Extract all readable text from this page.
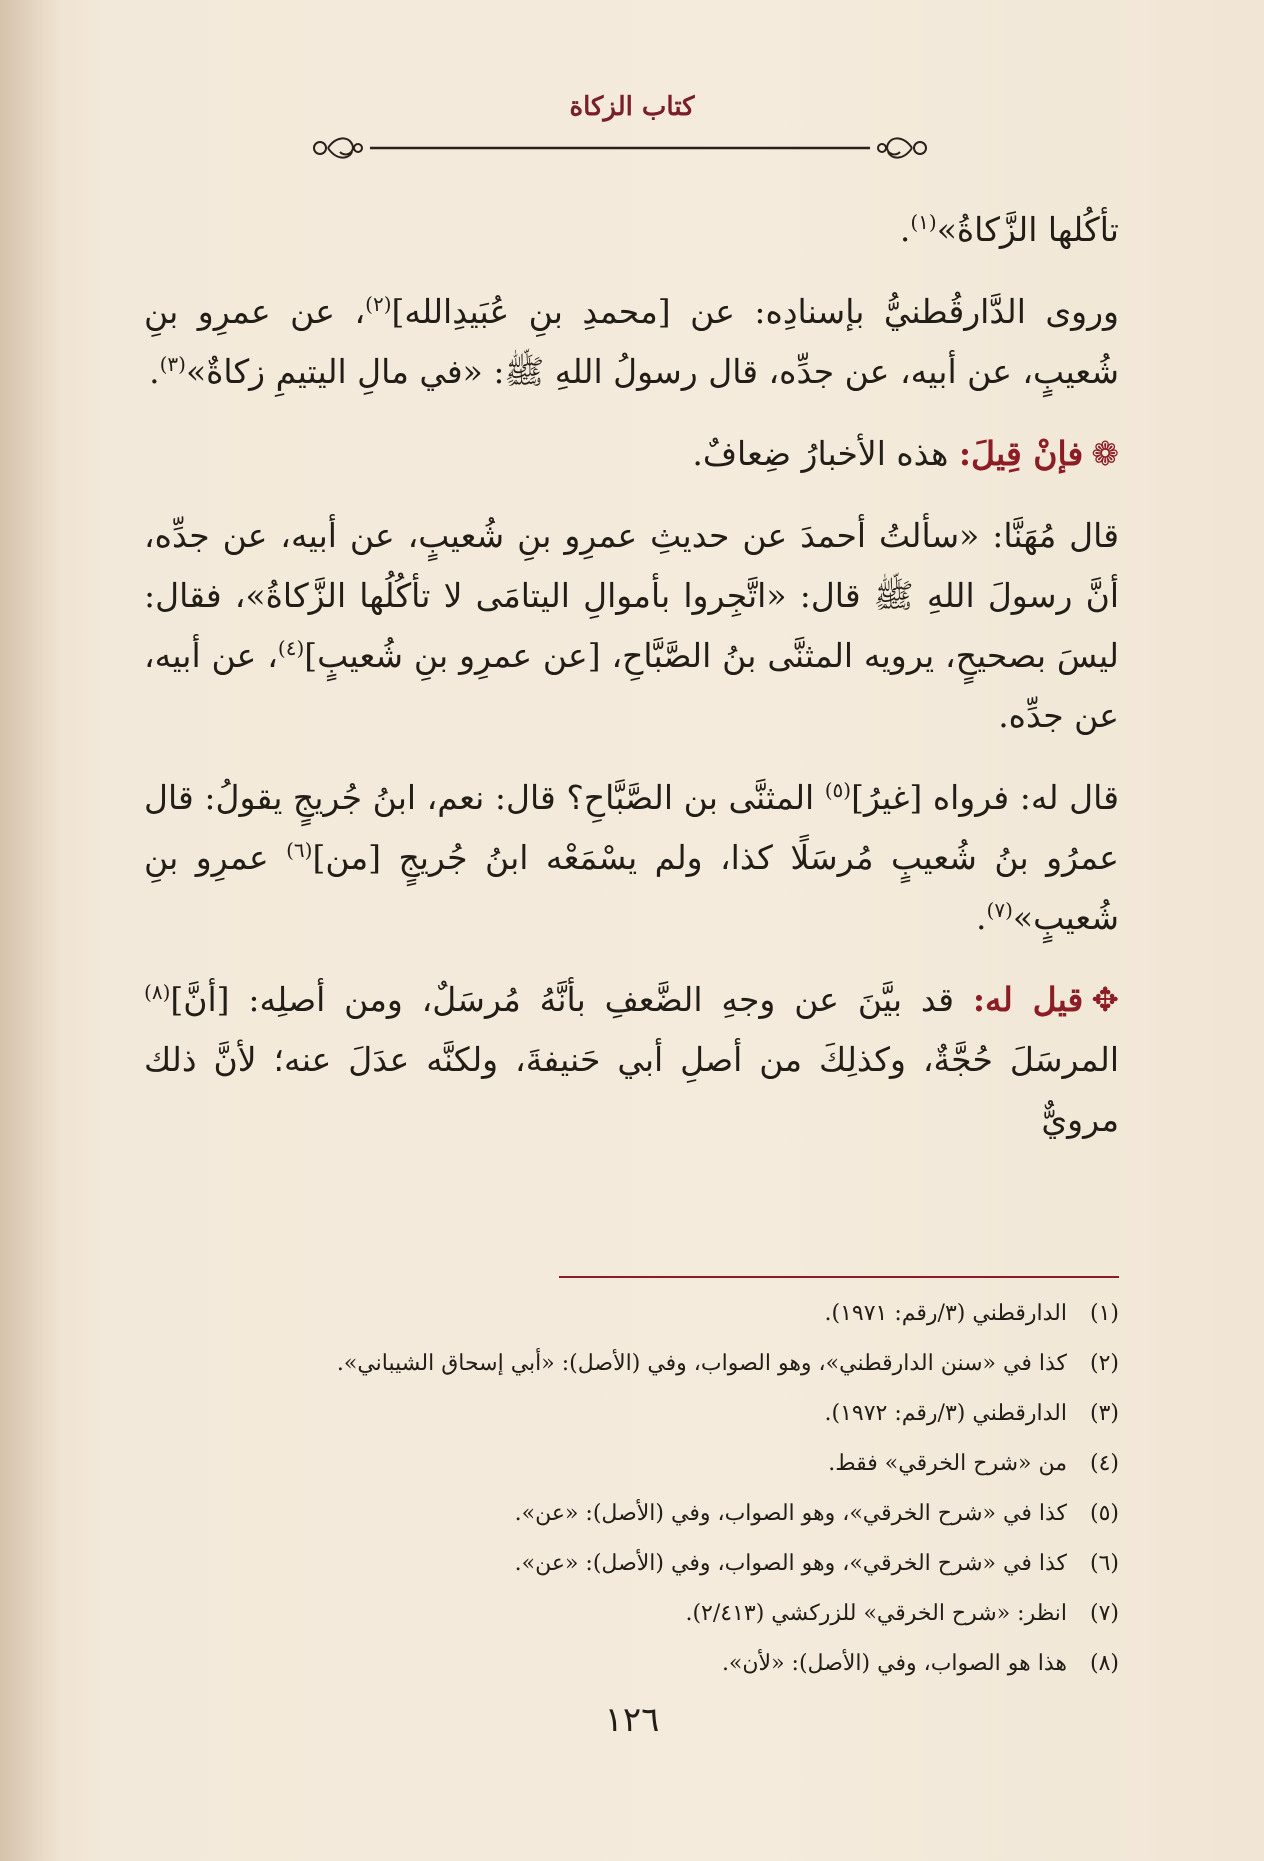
كتاب الزكاة

تأكُلها الزَّكاةُ»$^{(١)}$.

وروى الدَّارقُطنيُّ بإسنادِه: عن [محمدِ بنِ عُبَيدِالله]$^{(٢)}$، عن عمرِو بنِ شُعيبٍ، عن أبيه، عن جدِّه، قال رسولُ اللهِ ﷺ: «في مالِ اليتيمِ زكاةٌ»$^{(٣)}$.

❁فإنْ قِيلَ: هذه الأخبارُ ضِعافٌ.

قال مُهَنَّا: «سألتُ أحمدَ عن حديثِ عمرِو بنِ شُعيبٍ، عن أبيه، عن جدِّه، أنَّ رسولَ اللهِ ﷺ قال: «اتَّجِروا بأموالِ اليتامَى لا تأكُلُها الزَّكاةُ»، فقال: ليسَ بصحيحٍ، يرويه المثنَّى بنُ الصَّبَّاحِ، [عن عمرِو بنِ شُعيبٍ]$^{(٤)}$، عن أبيه، عن جدِّه.

قال له: فرواه [غيرُ]$^{(٥)}$ المثنَّى بن الصَّبَّاحِ؟ قال: نعم، ابنُ جُريجٍ يقولُ: قال عمرُو بنُ شُعيبٍ مُرسَلًا كذا، ولم يسْمَعْه ابنُ جُريجٍ [من]$^{(٦)}$ عمرِو بنِ شُعيبٍ»$^{(٧)}$.

✥قيل له: قد بيَّنَ عن وجهِ الضَّعفِ بأنَّهُ مُرسَلٌ، ومن أصلِه: [أنَّ]$^{(٨)}$ المرسَلَ حُجَّةٌ، وكذلِكَ من أصلِ أبي حَنيفةَ، ولكنَّه عدَلَ عنه؛ لأنَّ ذلك مرويٌّ

(١)
الدارقطني (٣/رقم: ١٩٧١).
(٢)
كذا في «سنن الدارقطني»، وهو الصواب، وفي (الأصل): «أبي إسحاق الشيباني».
(٣)
الدارقطني (٣/رقم: ١٩٧٢).
(٤)
من «شرح الخرقي» فقط.
(٥)
كذا في «شرح الخرقي»، وهو الصواب، وفي (الأصل): «عن».
(٦)
كذا في «شرح الخرقي»، وهو الصواب، وفي (الأصل): «عن».
(٧)
انظر: «شرح الخرقي» للزركشي (٢/٤١٣).
(٨)
هذا هو الصواب، وفي (الأصل): «لأن».
١٢٦
